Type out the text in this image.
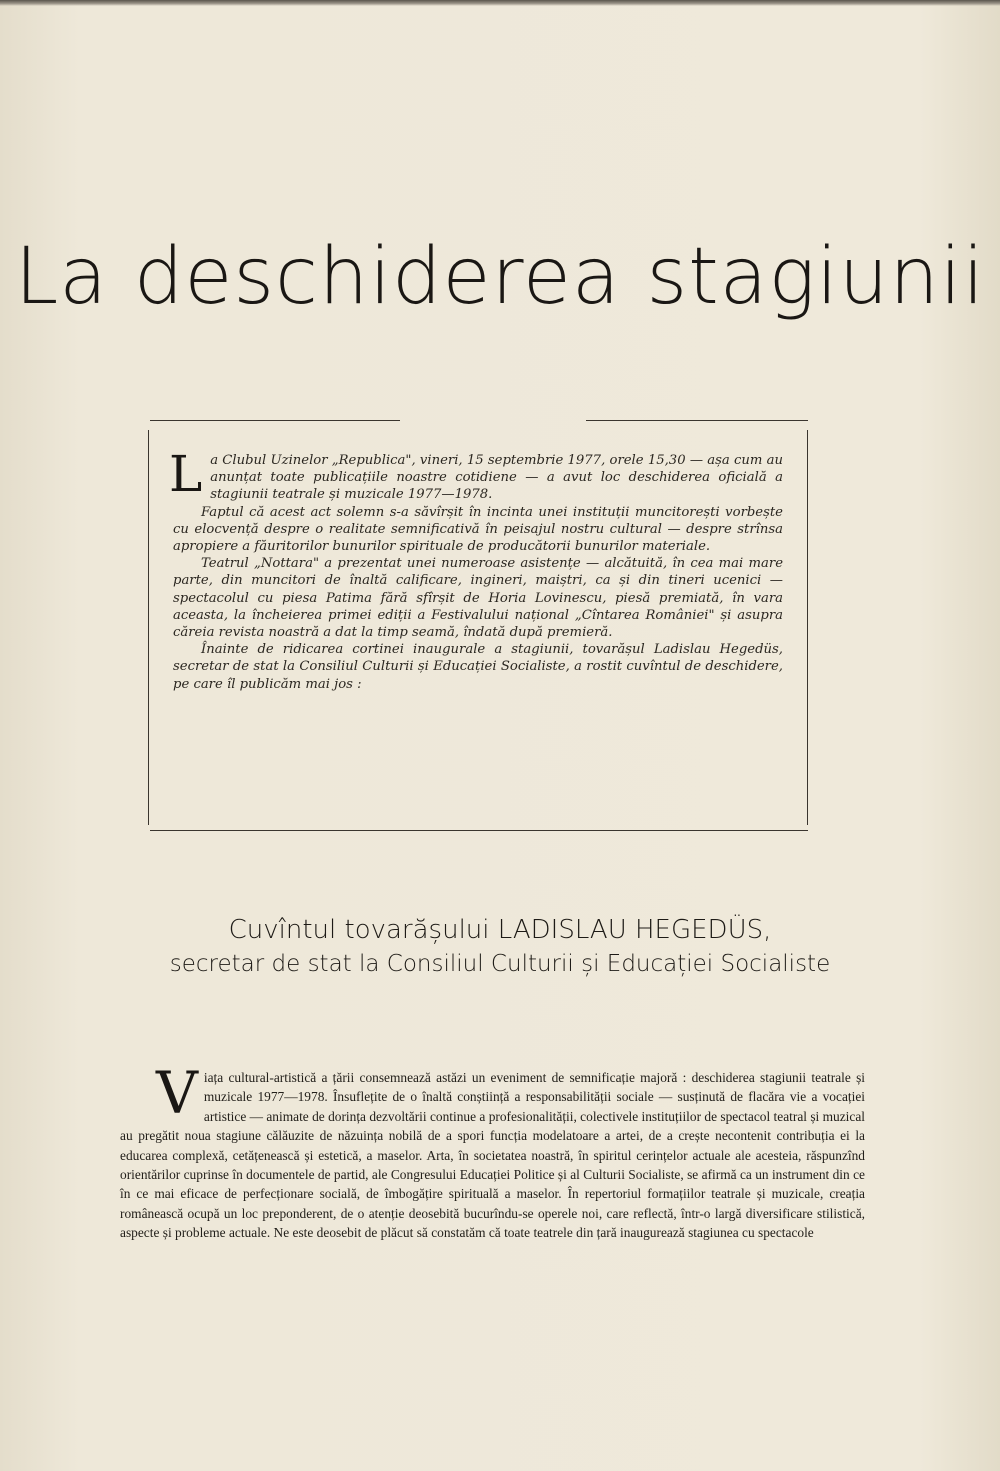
La deschiderea stagiunii

La Clubul Uzinelor „Republica", vineri, 15 septembrie 1977, orele 15,30 — așa cum au anunțat toate publicațiile noastre cotidiene — a avut loc deschiderea oficială a stagiunii teatrale și muzicale 1977—1978.

Faptul că acest act solemn s-a săvîrșit în incinta unei instituții muncitorești vorbește cu elocvență despre o realitate semnificativă în peisajul nostru cultural — despre strînsa apropiere a făuritorilor bunurilor spirituale de producătorii bunurilor materiale.

Teatrul „Nottara" a prezentat unei numeroase asistențe — alcătuită, în cea mai mare parte, din muncitori de înaltă calificare, ingineri, maiștri, ca și din tineri ucenici — spectacolul cu piesa Patima fără sfîrșit de Horia Lovinescu, piesă premiată, în vara aceasta, la încheierea primei ediții a Festivalului național „Cîntarea României" și asupra căreia revista noastră a dat la timp seamă, îndată după premieră.

Înainte de ridicarea cortinei inaugurale a stagiunii, tovarășul Ladislau Hegedüs, secretar de stat la Consiliul Culturii și Educației Socialiste, a rostit cuvîntul de deschidere, pe care îl publicăm mai jos :

Cuvîntul tovarășului LADISLAU HEGEDÜS,
secretar de stat la Consiliul Culturii și Educației Socialiste

Viața cultural-artistică a țării consemnează astăzi un eveniment de semnificație majoră : deschiderea stagiunii teatrale și muzicale 1977—1978. Însuflețite de o înaltă conștiință a responsabilității sociale — susținută de flacăra vie a vocației artistice — animate de dorința dezvoltării continue a profesionalității, colectivele instituțiilor de spectacol teatral și muzical au pregătit noua stagiune călăuzite de năzuința nobilă de a spori funcția modelatoare a artei, de a crește necontenit contribuția ei la educarea complexă, cetățenească și estetică, a maselor. Arta, în societatea noastră, în spiritul cerințelor actuale ale acesteia, răspunzînd orientărilor cuprinse în documentele de partid, ale Congresului Educației Politice și al Culturii Socialiste, se afirmă ca un instrument din ce în ce mai eficace de perfecționare socială, de îmbogățire spirituală a maselor. În repertoriul formațiilor teatrale și muzicale, creația românească ocupă un loc preponderent, de o atenție deosebită bucurîndu-se operele noi, care reflectă, într-o largă diversificare stilistică, aspecte și probleme actuale. Ne este deosebit de plăcut să constatăm că toate teatrele din țară inaugurează stagiunea cu spectacole
